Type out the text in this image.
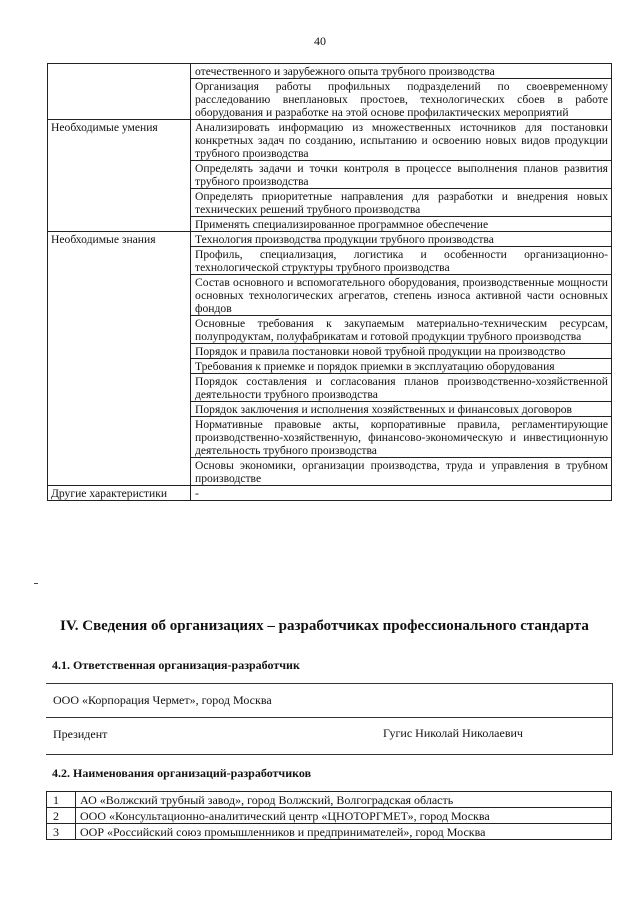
40
	отечественного и зарубежного опыта трубного производства
	Организация работы профильных подразделений по своевременному расследованию внеплановых простоев, технологических сбоев в работе оборудования и разработке на этой основе профилактических мероприятий
Необходимые умения	Анализировать информацию из множественных источников для постановки конкретных задач по созданию, испытанию и освоению новых видов продукции трубного производства
	Определять задачи и точки контроля в процессе выполнения планов развития трубного производства
	Определять приоритетные направления для разработки и внедрения новых технических решений трубного производства
	Применять специализированное программное обеспечение
Необходимые знания	Технология производства продукции трубного производства
	Профиль, специализация, логистика и особенности организационно-технологической структуры трубного производства
	Состав основного и вспомогательного оборудования, производственные мощности основных технологических агрегатов, степень износа активной части основных фондов
	Основные требования к закупаемым материально-техническим ресурсам, полупродуктам, полуфабрикатам и готовой продукции трубного производства
	Порядок и правила постановки новой трубной продукции на производство
	Требования к приемке и порядок приемки в эксплуатацию оборудования
	Порядок составления и согласования планов производственно-хозяйственной деятельности трубного производства
	Порядок заключения и исполнения хозяйственных и финансовых договоров
	Нормативные правовые акты, корпоративные правила, регламентирующие производственно-хозяйственную, финансово-экономическую и инвестиционную деятельность трубного производства
	Основы экономики, организации производства, труда и управления в трубном производстве
Другие характеристики	-
IV. Сведения об организациях – разработчиках профессионального стандарта
4.1. Ответственная организация-разработчик
ООО «Корпорация Чермет», город Москва
Президент	Гугис Николай Николаевич
4.2. Наименования организаций-разработчиков
1	АО «Волжский трубный завод», город Волжский, Волгоградская область
2	ООО «Консультационно-аналитический центр «ЦНОТОРГМЕТ», город Москва
3	ООР «Российский союз промышленников и предпринимателей», город Москва
